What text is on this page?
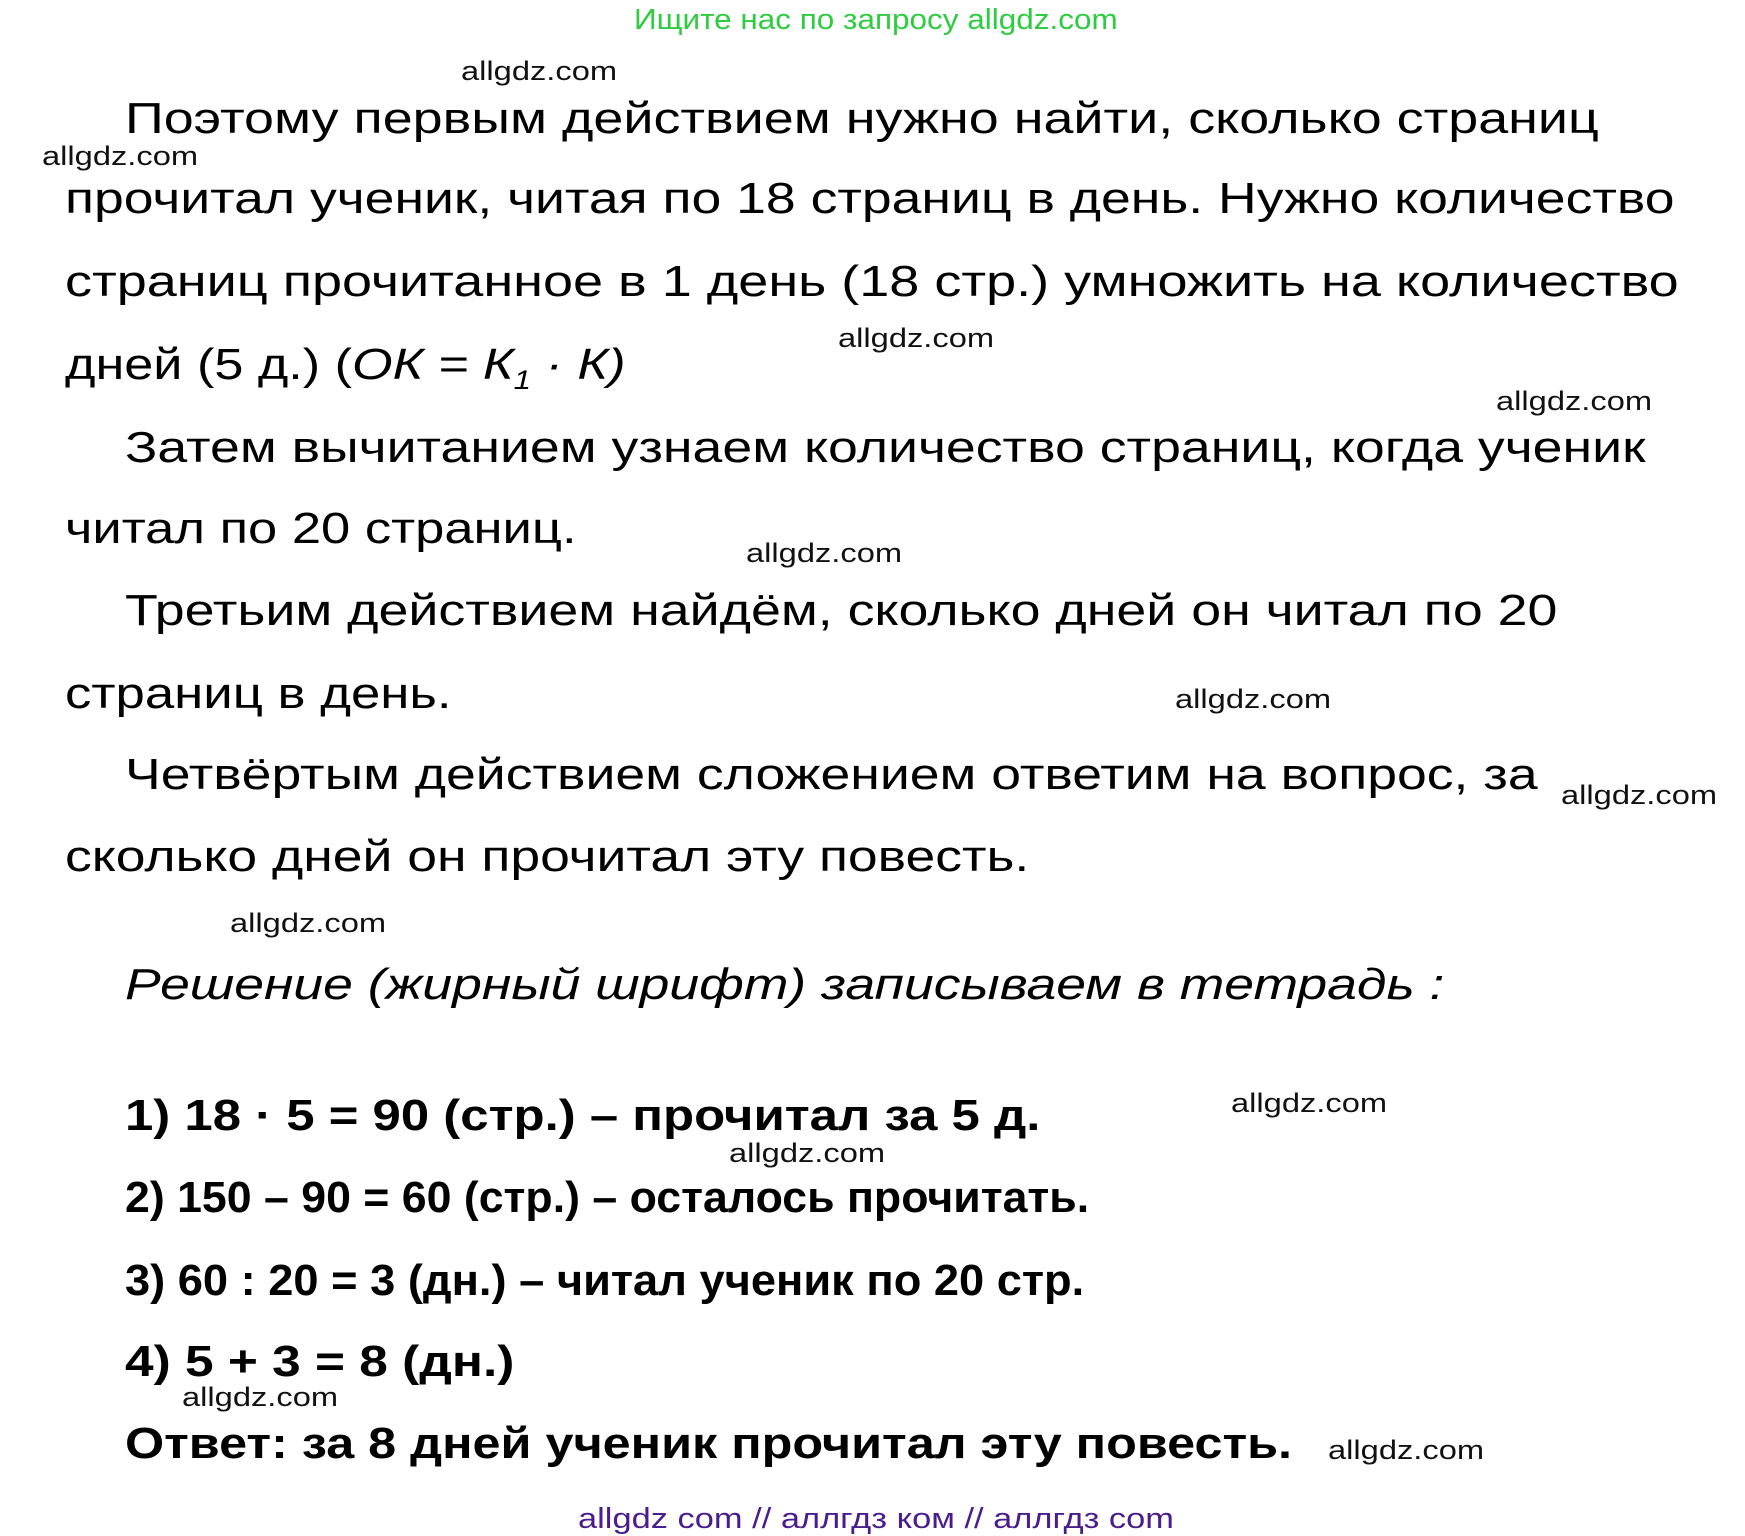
Ищите нас по запросу allgdz.com
Поэтому первым действием нужно найти, сколько страниц
прочитал ученик, читая по 18 страниц в день. Нужно количество
страниц прочитанное в 1 день (18 стр.) умножить на количество
дней (5 д.) $(ОК = К_1 \cdot К)$
Затем вычитанием узнаем количество страниц, когда ученик
читал по 20 страниц.
Третьим действием найдём, сколько дней он читал по 20
страниц в день.
Четвёртым действием сложением ответим на вопрос, за
сколько дней он прочитал эту повесть.
Решение (жирный шрифт) записываем в тетрадь :
1) 18 · 5 = 90 (стр.) – прочитал за 5 д.
2) 150 – 90 = 60 (стр.) – осталось прочитать.
3) 60 : 20 = 3 (дн.) – читал ученик по 20 стр.
4) 5 + 3 = 8 (дн.)
Ответ: за 8 дней ученик прочитал эту повесть.
allgdz.com
allgdz.com
allgdz.com
allgdz.com
allgdz.com
allgdz.com
allgdz.com
allgdz.com
allgdz.com
allgdz.com
allgdz.com
allgdz.com
allgdz com // аллгдз ком // аллгдз com
